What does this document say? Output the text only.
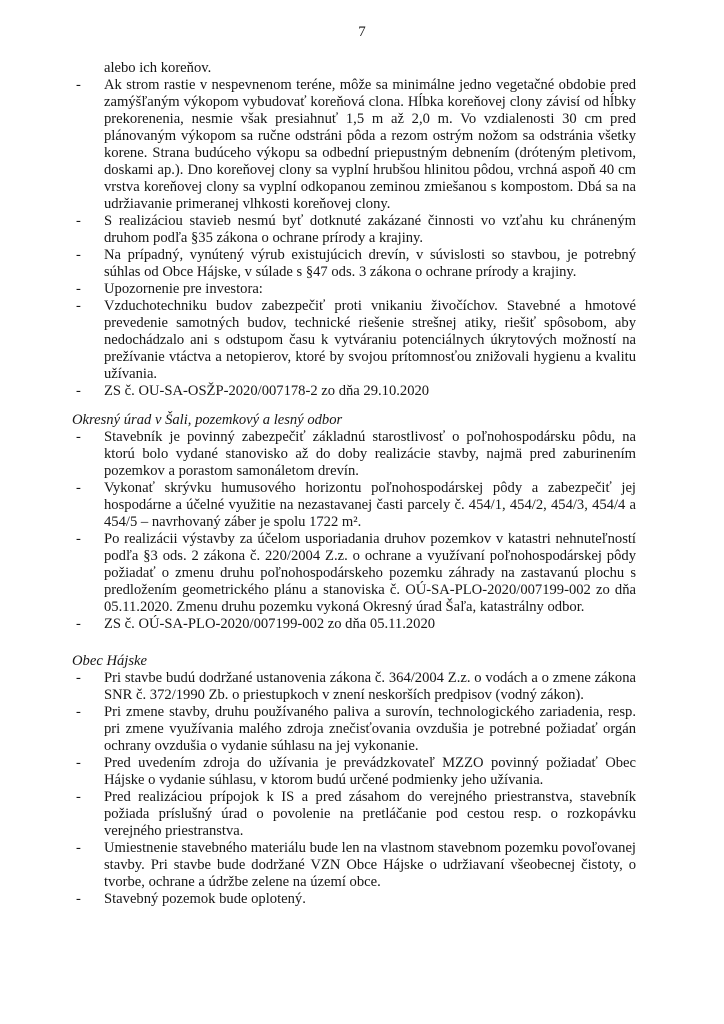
7
alebo ich koreňov.
- Ak strom rastie v nespevnenom teréne, môže sa minimálne jedno vegetačné obdobie pred zamýšľaným výkopom vybudovať koreňová clona. Hĺbka koreňovej clony závisí od hĺbky prekorenenia, nesmie však presiahnuť 1,5 m až 2,0 m. Vo vzdialenosti 30 cm pred plánovaným výkopom sa ručne odstráni pôda a rezom ostrým nožom sa odstránia všetky korene. Strana budúceho výkopu sa odbední priepustným debnením (dróteným pletivom, doskami ap.). Dno koreňovej clony sa vyplní hrubšou hlinitou pôdou, vrchná aspoň 40 cm vrstva koreňovej clony sa vyplní odkopanou zeminou zmiešanou s kompostom. Dbá sa na udržiavanie primeranej vlhkosti koreňovej clony.
- S realizáciou stavieb nesmú byť dotknuté zakázané činnosti vo vzťahu ku chráneným druhom podľa §35 zákona o ochrane prírody a krajiny.
- Na prípadný, vynútený výrub existujúcich drevín, v súvislosti so stavbou, je potrebný súhlas od Obce Hájske, v súlade s §47 ods. 3 zákona o ochrane prírody a krajiny.
- Upozornenie pre investora:
- Vzduchotechniku budov zabezpečiť proti vnikaniu živočíchov. Stavebné a hmotové prevedenie samotných budov, technické riešenie strešnej atiky, riešiť spôsobom, aby nedochádzalo ani s odstupom času k vytváraniu potenciálnych úkrytových možností na prežívanie vtáctva a netopierov, ktoré by svojou prítomnosťou znižovali hygienu a kvalitu užívania.
- ZS č. OU-SA-OSŽP-2020/007178-2 zo dňa 29.10.2020
Okresný úrad v Šali, pozemkový a lesný odbor
- Stavebník je povinný zabezpečiť základnú starostlivosť o poľnohospodársku pôdu, na ktorú bolo vydané stanovisko až do doby realizácie stavby, najmä pred zaburinením pozemkov a porastom samonáletom drevín.
- Vykonať skrývku humusového horizontu poľnohospodárskej pôdy a zabezpečiť jej hospodárne a účelné využitie na nezastavanej časti parcely č. 454/1, 454/2, 454/3, 454/4 a 454/5 – navrhovaný záber je spolu 1722 m².
- Po realizácii výstavby za účelom usporiadania druhov pozemkov v katastri nehnuteľností podľa §3 ods. 2 zákona č. 220/2004 Z.z. o ochrane a využívaní poľnohospodárskej pôdy požiadať o zmenu druhu poľnohospodárskeho pozemku záhrady na zastavanú plochu s predložením geometrického plánu a stanoviska č. OÚ-SA-PLO-2020/007199-002 zo dňa 05.11.2020. Zmenu druhu pozemku vykoná Okresný úrad Šaľa, katastrálny odbor.
- ZS č. OÚ-SA-PLO-2020/007199-002 zo dňa 05.11.2020
Obec Hájske
- Pri stavbe budú dodržané ustanovenia zákona č. 364/2004 Z.z. o vodách a o zmene zákona SNR č. 372/1990 Zb. o priestupkoch v znení neskorších predpisov (vodný zákon).
- Pri zmene stavby, druhu používaného paliva a surovín, technologického zariadenia, resp. pri zmene využívania malého zdroja znečisťovania ovzdušia je potrebné požiadať orgán ochrany ovzdušia o vydanie súhlasu na jej vykonanie.
- Pred uvedením zdroja do užívania je prevádzkovateľ MZZO povinný požiadať Obec Hájske o vydanie súhlasu, v ktorom budú určené podmienky jeho užívania.
- Pred realizáciou prípojok k IS a pred zásahom do verejného priestranstva, stavebník požiada príslušný úrad o povolenie na pretláčanie pod cestou resp. o rozkopávku verejného priestranstva.
- Umiestnenie stavebného materiálu bude len na vlastnom stavebnom pozemku povoľovanej stavby. Pri stavbe bude dodržané VZN Obce Hájske o udržiavaní všeobecnej čistoty, o tvorbe, ochrane a údržbe zelene na území obce.
- Stavebný pozemok bude oplotený.
